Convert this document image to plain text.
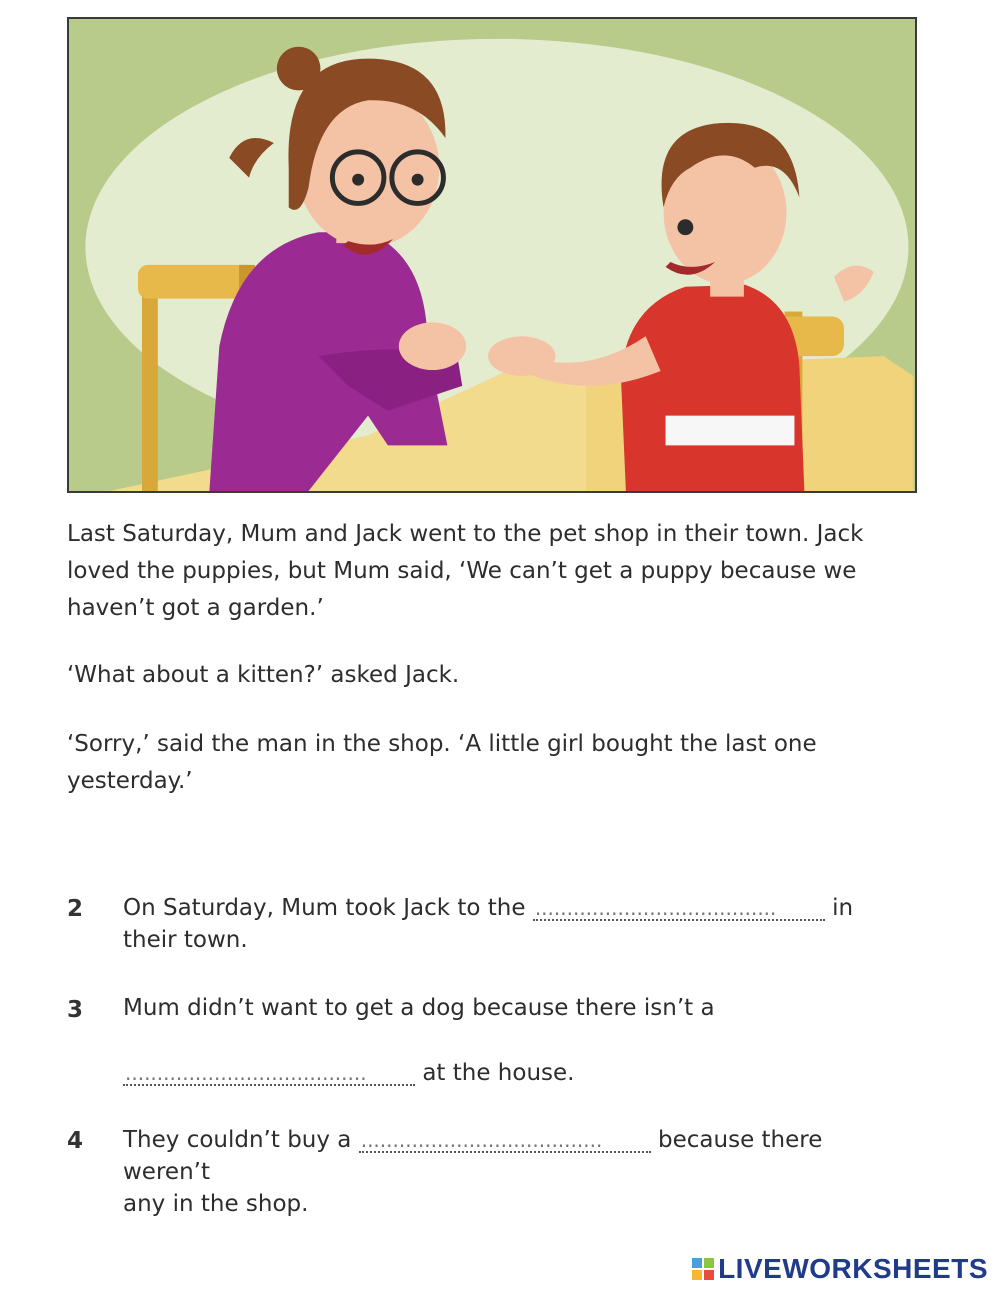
Last Saturday, Mum and Jack went to the pet shop in their town. Jack
loved the puppies, but Mum said, ‘We can’t get a puppy because we
haven’t got a garden.’
‘What about a kitten?’ asked Jack.
‘Sorry,’ said the man in the shop. ‘A little girl bought the last one
yesterday.’
2 On Saturday, Mum took Jack to the ......................................	in
their town.
3 Mum didn’t want to get a dog because there isn’t a
...................................... at the house.
4 They couldn’t buy a ......................................	because there weren’t
any in the shop.
LIVEWORKSHEETS
